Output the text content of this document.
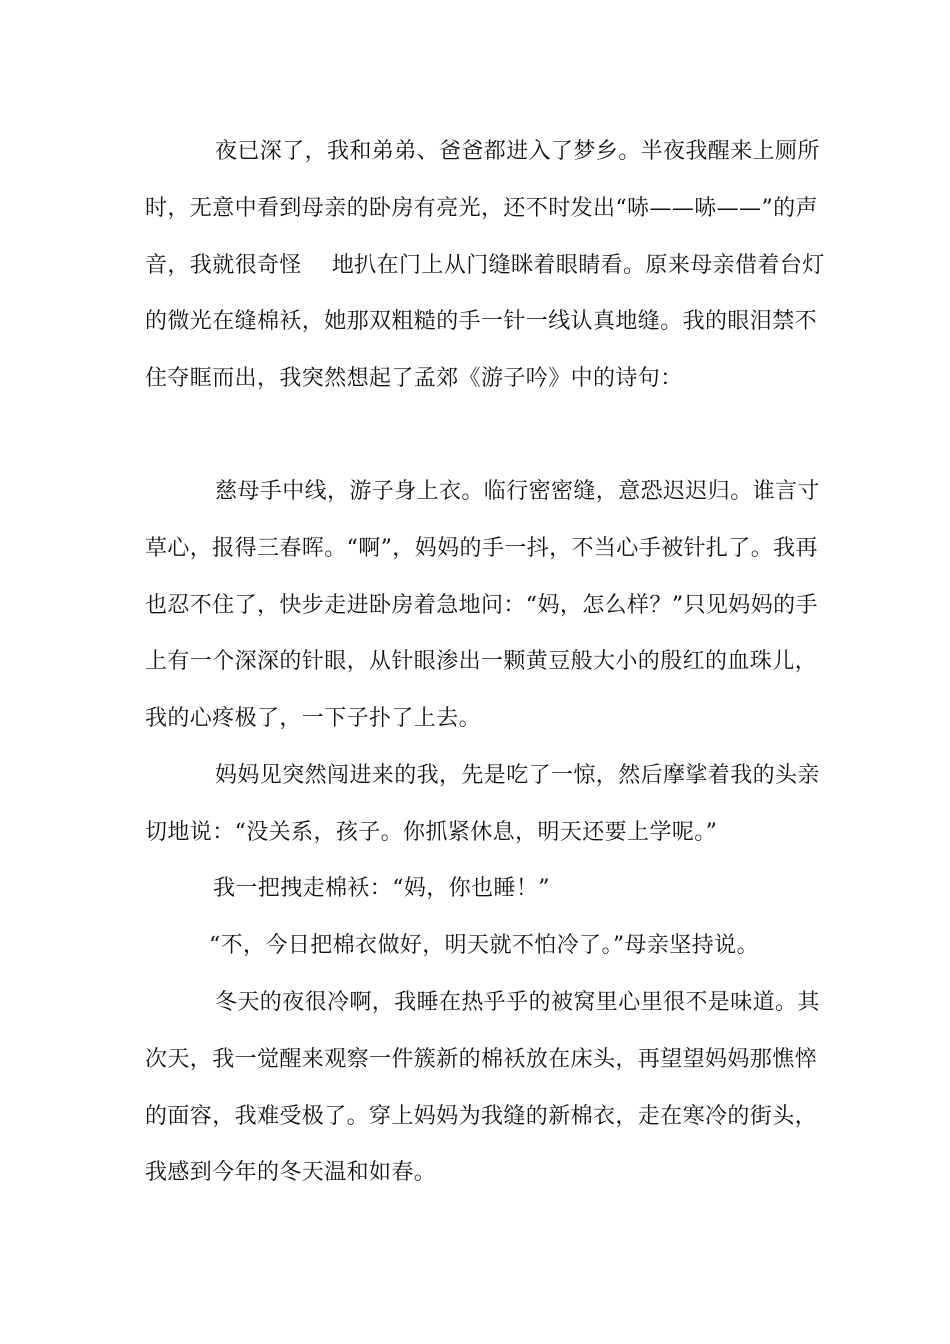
夜已深了，我和弟弟、爸爸都进入了梦乡。半夜我醒来上厕所时，无意中看到母亲的卧房有亮光，还不时发出“哧——哧——”的声音，我就很奇怪 地扒在门上从门缝眯着眼睛看。原来母亲借着台灯的微光在缝棉袄，她那双粗糙的手一针一线认真地缝。我的眼泪禁不住夺眶而出，我突然想起了孟郊《游子吟》中的诗句：

慈母手中线，游子身上衣。临行密密缝，意恐迟迟归。谁言寸草心，报得三春晖。“啊”，妈妈的手一抖，不当心手被针扎了。我再也忍不住了，快步走进卧房着急地问：“妈，怎么样？”只见妈妈的手上有一个深深的针眼，从针眼渗出一颗黄豆般大小的殷红的血珠儿，我的心疼极了，一下子扑了上去。

妈妈见突然闯进来的我，先是吃了一惊，然后摩挲着我的头亲切地说：“没关系，孩子。你抓紧休息，明天还要上学呢。”

我一把拽走棉袄：“妈，你也睡！”

“不，今日把棉衣做好，明天就不怕冷了。”母亲坚持说。

冬天的夜很冷啊，我睡在热乎乎的被窝里心里很不是味道。其次天，我一觉醒来观察一件簇新的棉袄放在床头，再望望妈妈那憔悴的面容，我难受极了。穿上妈妈为我缝的新棉衣，走在寒冷的街头，我感到今年的冬天温和如春。
